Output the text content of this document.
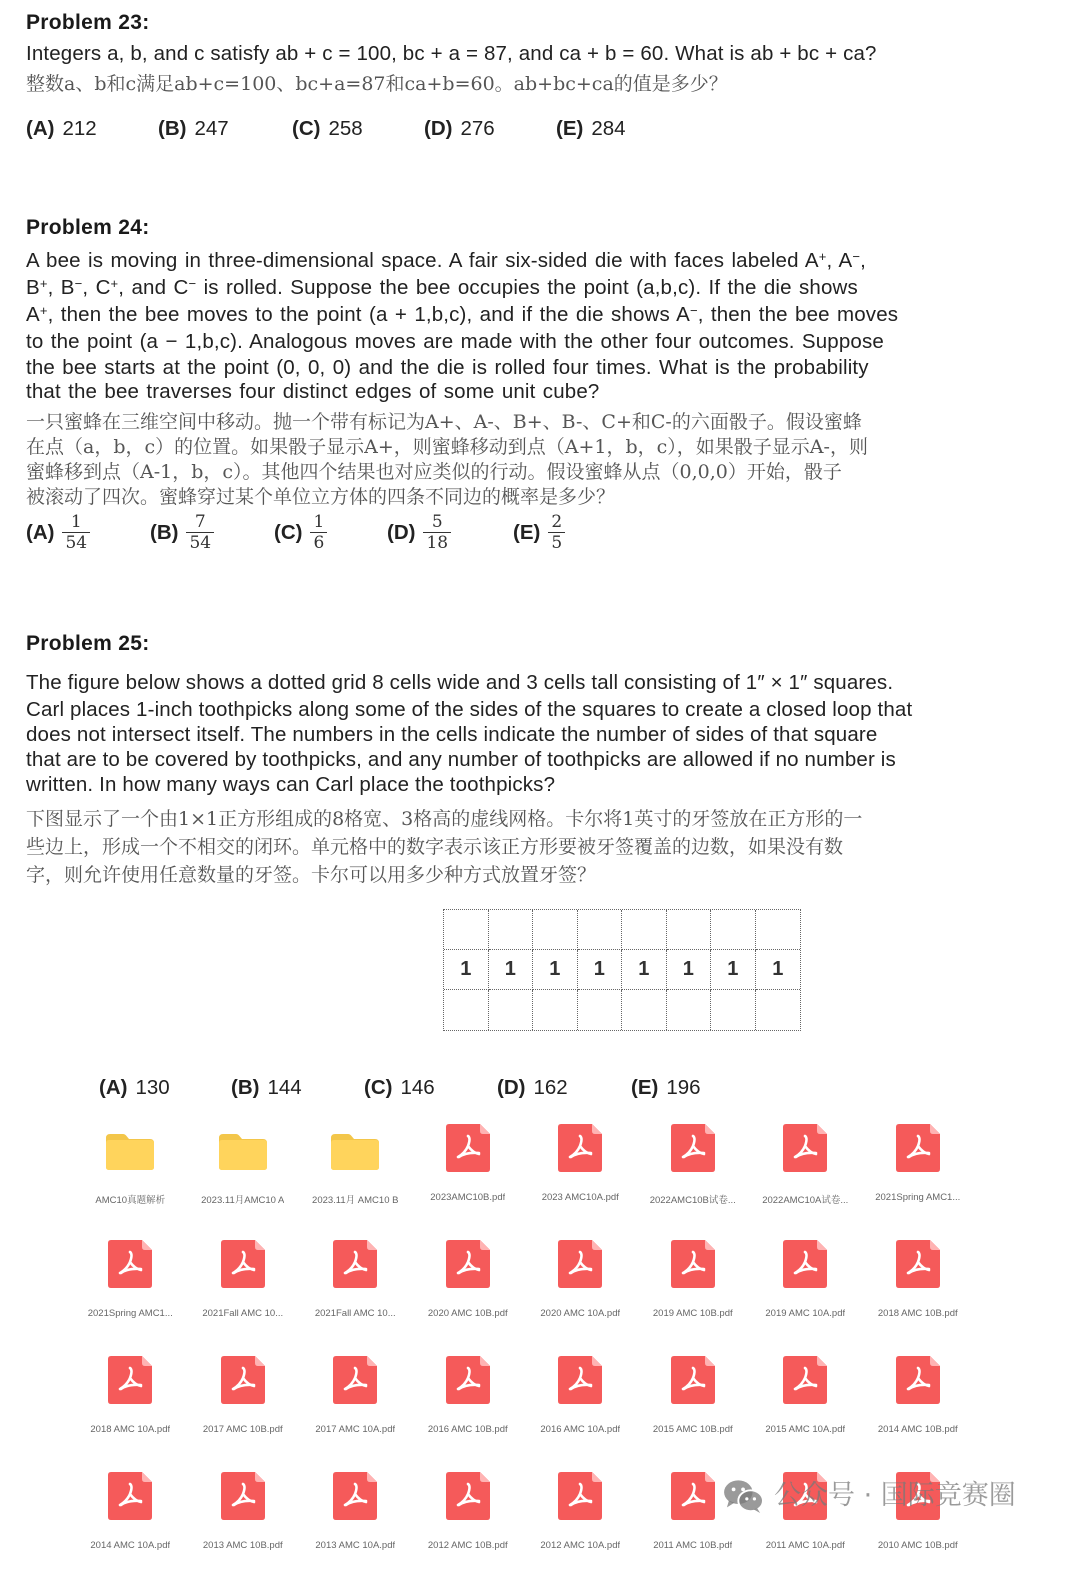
Problem 23:
Integers a, b, and c satisfy ab + c = 100, bc + a = 87, and ca + b = 60. What is ab + bc + ca?
整数a、b和c满足ab+c=100、bc+a=87和ca+b=60。ab+bc+ca的值是多少？
(A) 212	(B) 247	(C) 258	(D) 276	(E) 284
Problem 24:
A bee is moving in three-dimensional space. A fair six-sided die with faces labeled A+, A−,
B+, B−, C+, and C− is rolled. Suppose the bee occupies the point (a,b,c). If the die shows
A+, then the bee moves to the point (a + 1,b,c), and if the die shows A−, then the bee moves
to the point (a − 1,b,c). Analogous moves are made with the other four outcomes. Suppose
the bee starts at the point (0, 0, 0) and the die is rolled four times. What is the probability
that the bee traverses four distinct edges of some unit cube?
一只蜜蜂在三维空间中移动。抛一个带有标记为A+、A-、B+、B-、C+和C-的六面骰子。假设蜜蜂
在点（a，b，c）的位置。如果骰子显示A+，则蜜蜂移动到点（A+1，b，c），如果骰子显示A-，则
蜜蜂移到点（A-1，b，c）。其他四个结果也对应类似的行动。假设蜜蜂从点（0,0,0）开始，骰子
被滚动了四次。蜜蜂穿过某个单位立方体的四条不同边的概率是多少？
$(A) \frac{1}{54}$	$(B) \frac{7}{54}$	$(C) \frac{1}{6}$	$(D) \frac{5}{18}$	$(E) \frac{2}{5}$
Problem 25:
The figure below shows a dotted grid 8 cells wide and 3 cells tall consisting of 1″ × 1″ squares.
Carl places 1-inch toothpicks along some of the sides of the squares to create a closed loop that
does not intersect itself. The numbers in the cells indicate the number of sides of that square
that are to be covered by toothpicks, and any number of toothpicks are allowed if no number is
written. In how many ways can Carl place the toothpicks?
下图显示了一个由1×1正方形组成的8格宽、3格高的虚线网格。卡尔将1英寸的牙签放在正方形的一
些边上，形成一个不相交的闭环。单元格中的数字表示该正方形要被牙签覆盖的边数，如果没有数
字，则允许使用任意数量的牙签。卡尔可以用多少种方式放置牙签？
1	1	1	1	1	1	1	1
(A) 130	(B) 144	(C) 146	(D) 162	(E) 196
AMC10真题解析	2023.11月AMC10 A	2023.11月 AMC10 B	2023AMC10B.pdf	2023 AMC10A.pdf	2022AMC10B试卷...	2022AMC10A试卷...	2021Spring AMC1...
2021Spring AMC1...	2021Fall AMC 10...	2021Fall AMC 10...	2020 AMC 10B.pdf	2020 AMC 10A.pdf	2019 AMC 10B.pdf	2019 AMC 10A.pdf	2018 AMC 10B.pdf
2018 AMC 10A.pdf	2017 AMC 10B.pdf	2017 AMC 10A.pdf	2016 AMC 10B.pdf	2016 AMC 10A.pdf	2015 AMC 10B.pdf	2015 AMC 10A.pdf	2014 AMC 10B.pdf
2014 AMC 10A.pdf	2013 AMC 10B.pdf	2013 AMC 10A.pdf	2012 AMC 10B.pdf	2012 AMC 10A.pdf	2011 AMC 10B.pdf	2011 AMC 10A.pdf	2010 AMC 10B.pdf
公众号 · 国际竞赛圈
